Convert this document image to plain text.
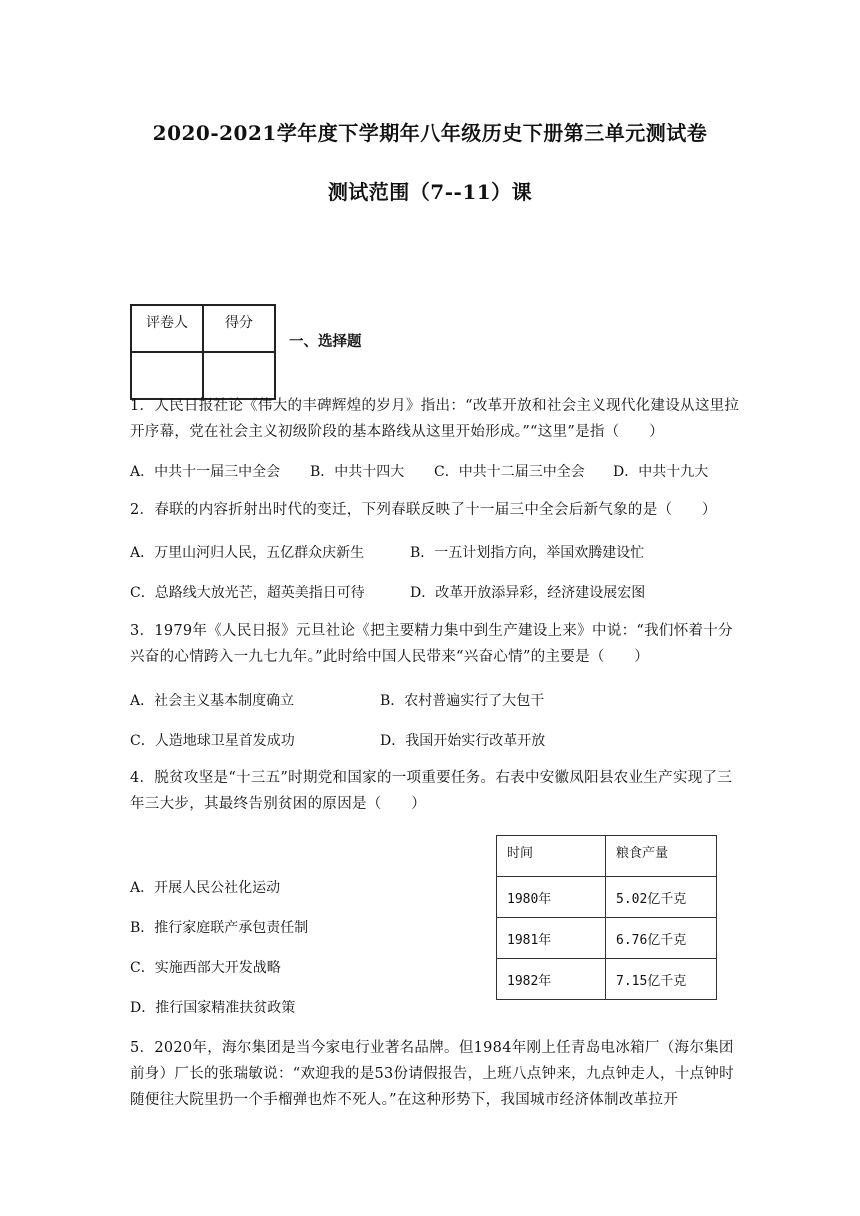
2020-2021学年度下学期年八年级历史下册第三单元测试卷
测试范围（7--11）课
评卷人	得分

一、选择题
1．人民日报社论《伟大的丰碑辉煌的岁月》指出：“改革开放和社会主义现代化建设从这里拉开序幕，党在社会主义初级阶段的基本路线从这里开始形成。”“这里”是指（　　）
A．中共十一届三中全会 B．中共十四大 C．中共十二届三中全会 D．中共十九大
2．春联的内容折射出时代的变迁，下列春联反映了十一届三中全会后新气象的是（　　）
A．万里山河归人民，五亿群众庆新生	B．一五计划指方向，举国欢腾建设忙
C．总路线大放光芒，超英美指日可待	D．改革开放添异彩，经济建设展宏图
3．1979年《人民日报》元旦社论《把主要精力集中到生产建设上来》中说：“我们怀着十分兴奋的心情跨入一九七九年。”此时给中国人民带来“兴奋心情”的主要是（　　）
A．社会主义基本制度确立	B．农村普遍实行了大包干
C．人造地球卫星首发成功	D．我国开始实行改革开放
4．脱贫攻坚是“十三五”时期党和国家的一项重要任务。右表中安徽凤阳县农业生产实现了三年三大步，其最终告别贫困的原因是（　　）
A．开展人民公社化运动
B．推行家庭联产承包责任制
C．实施西部大开发战略
D．推行国家精准扶贫政策
时间	粮食产量
1980年	5.02亿千克
1981年	6.76亿千克
1982年	7.15亿千克
5．2020年，海尔集团是当今家电行业著名品牌。但1984年刚上任青岛电冰箱厂（海尔集团前身）厂长的张瑞敏说：“欢迎我的是53份请假报告，上班八点钟来，九点钟走人，十点钟时随便往大院里扔一个手榴弹也炸不死人。”在这种形势下，我国城市经济体制改革拉开
